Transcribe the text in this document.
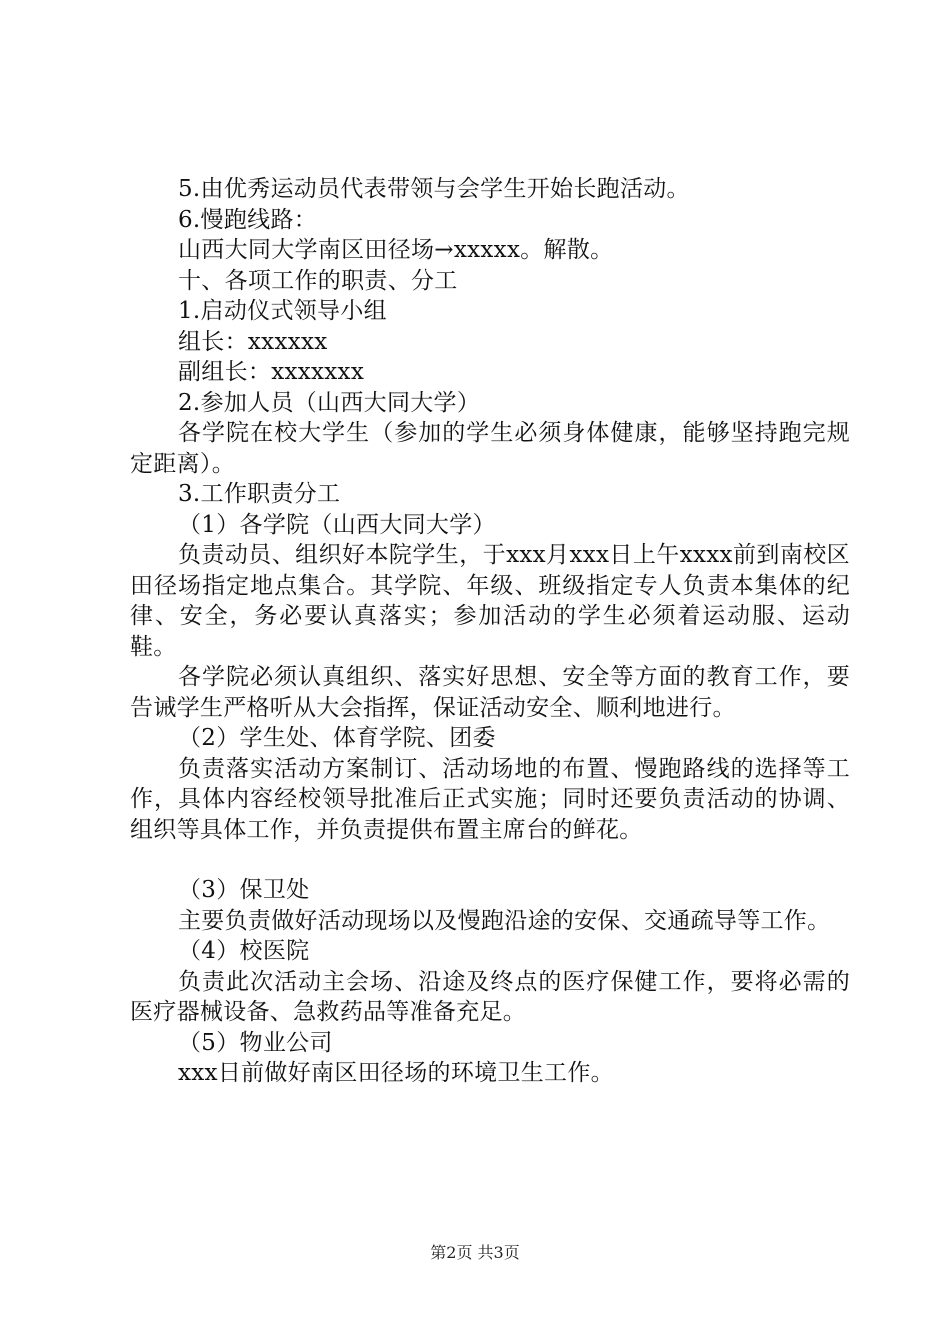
5.由优秀运动员代表带领与会学生开始长跑活动。

6.慢跑线路：

山西大同大学南区田径场→xxxxx。解散。

十、各项工作的职责、分工

1.启动仪式领导小组

组长：xxxxxx

副组长：xxxxxxx

2.参加人员（山西大同大学）

各学院在校大学生（参加的学生必须身体健康，能够坚持跑完规定距离）。

3.工作职责分工

（1）各学院（山西大同大学）

负责动员、组织好本院学生，于xxx月xxx日上午xxxx前到南校区田径场指定地点集合。其学院、年级、班级指定专人负责本集体的纪律、安全，务必要认真落实；参加活动的学生必须着运动服、运动鞋。

各学院必须认真组织、落实好思想、安全等方面的教育工作，要告诫学生严格听从大会指挥，保证活动安全、顺利地进行。

（2）学生处、体育学院、团委

负责落实活动方案制订、活动场地的布置、慢跑路线的选择等工作，具体内容经校领导批准后正式实施；同时还要负责活动的协调、组织等具体工作，并负责提供布置主席台的鲜花。

（3）保卫处

主要负责做好活动现场以及慢跑沿途的安保、交通疏导等工作。

（4）校医院

负责此次活动主会场、沿途及终点的医疗保健工作，要将必需的医疗器械设备、急救药品等准备充足。

（5）物业公司

xxx日前做好南区田径场的环境卫生工作。

第2页 共3页
